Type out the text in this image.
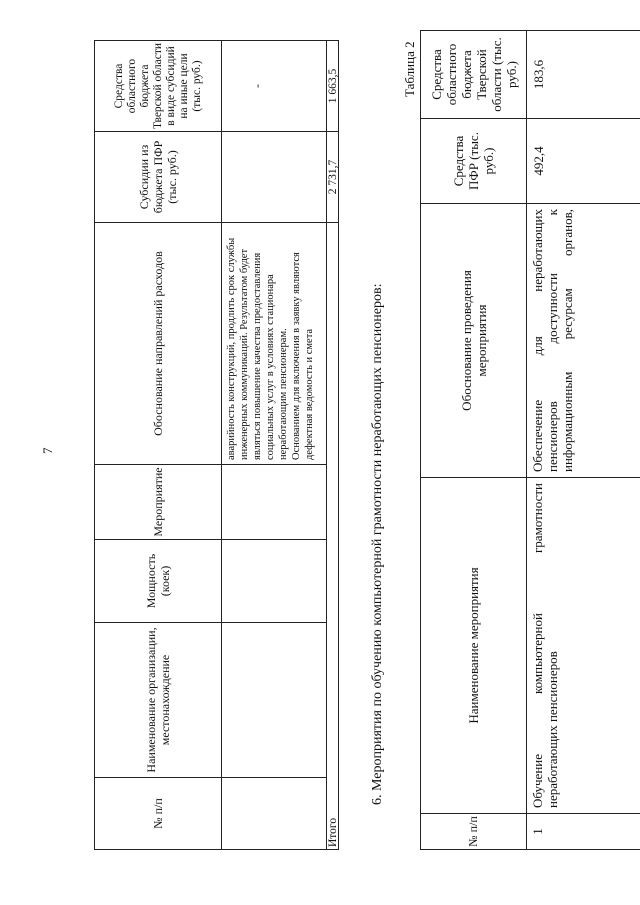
7
№ п/п
Наименование организации, местонахождение
Мощность (коек)
Мероприятие
Обоснование направлений расходов
Субсидии из бюджета ПФР (тыс. руб.)
Средства областного бюджета Тверской области в виде субсидий на иные цели (тыс. руб.)
аварийность конструкций, продлить срок службы инженерных коммуникаций. Результатом будет являться повышение качества предоставления социальных услуг в условиях стационара неработающим пенсионерам. Основанием для включения в заявку являются дефектная ведомость и смета
-
Итого
2 731,7
1 663,5
6. Мероприятия по обучению компьютерной грамотности неработающих пенсионеров:
Таблица 2
№ п/п
Наименование мероприятия
Обоснование проведения мероприятия
Средства ПФР (тыс. руб.)
Средства областного бюджета Тверской области (тыс. руб.)
1
Обучение компьютерной грамотности неработающих пенсионеров
Обеспечение для неработающих пенсионеров доступности к информационным ресурсам органов,
492,4
183,6
